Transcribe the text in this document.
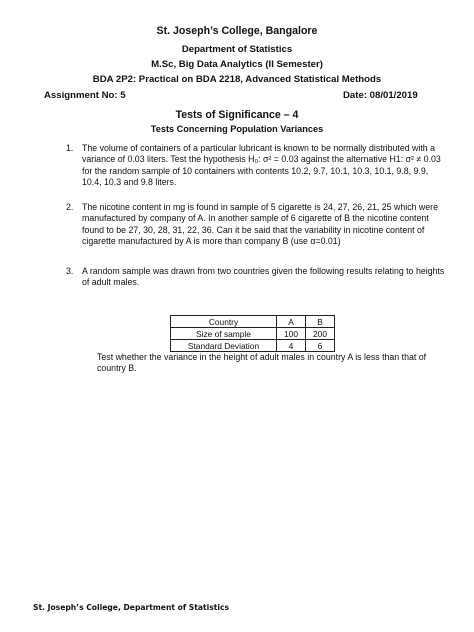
St. Joseph’s College, Bangalore
Department of Statistics
M.Sc, Big Data Analytics (II Semester)
BDA 2P2: Practical on BDA 2218, Advanced Statistical Methods
Assignment No: 5	Date: 08/01/2019
Tests of Significance – 4
Tests Concerning Population Variances
1. The volume of containers of a particular lubricant is known to be normally distributed with a
variance of 0.03 liters. Test the hypothesis H₀: σ² = 0.03 against the alternative H1: σ² ≠ 0.03
for the random sample of 10 containers with contents 10.2, 9.7, 10.1, 10.3, 10.1, 9.8, 9.9,
10.4, 10.3 and 9.8 liters.
2. The nicotine content in mg is found in sample of 5 cigarette is 24, 27, 26, 21, 25 which were
manufactured by company of A. In another sample of 6 cigarette of B the nicotine content
found to be 27, 30, 28, 31, 22, 36. Can it be said that the variability in nicotine content of
cigarette manufactured by A is more than company B (use α=0.01)
3. A random sample was drawn from two countries given the following results relating to heights
of adult males.
Country	A	B
Size of sample	100	200
Standard Deviation	4	6
Test whether the variance in the height of adult males in country A is less than that of
country B.
St. Joseph’s College, Department of Statistics
